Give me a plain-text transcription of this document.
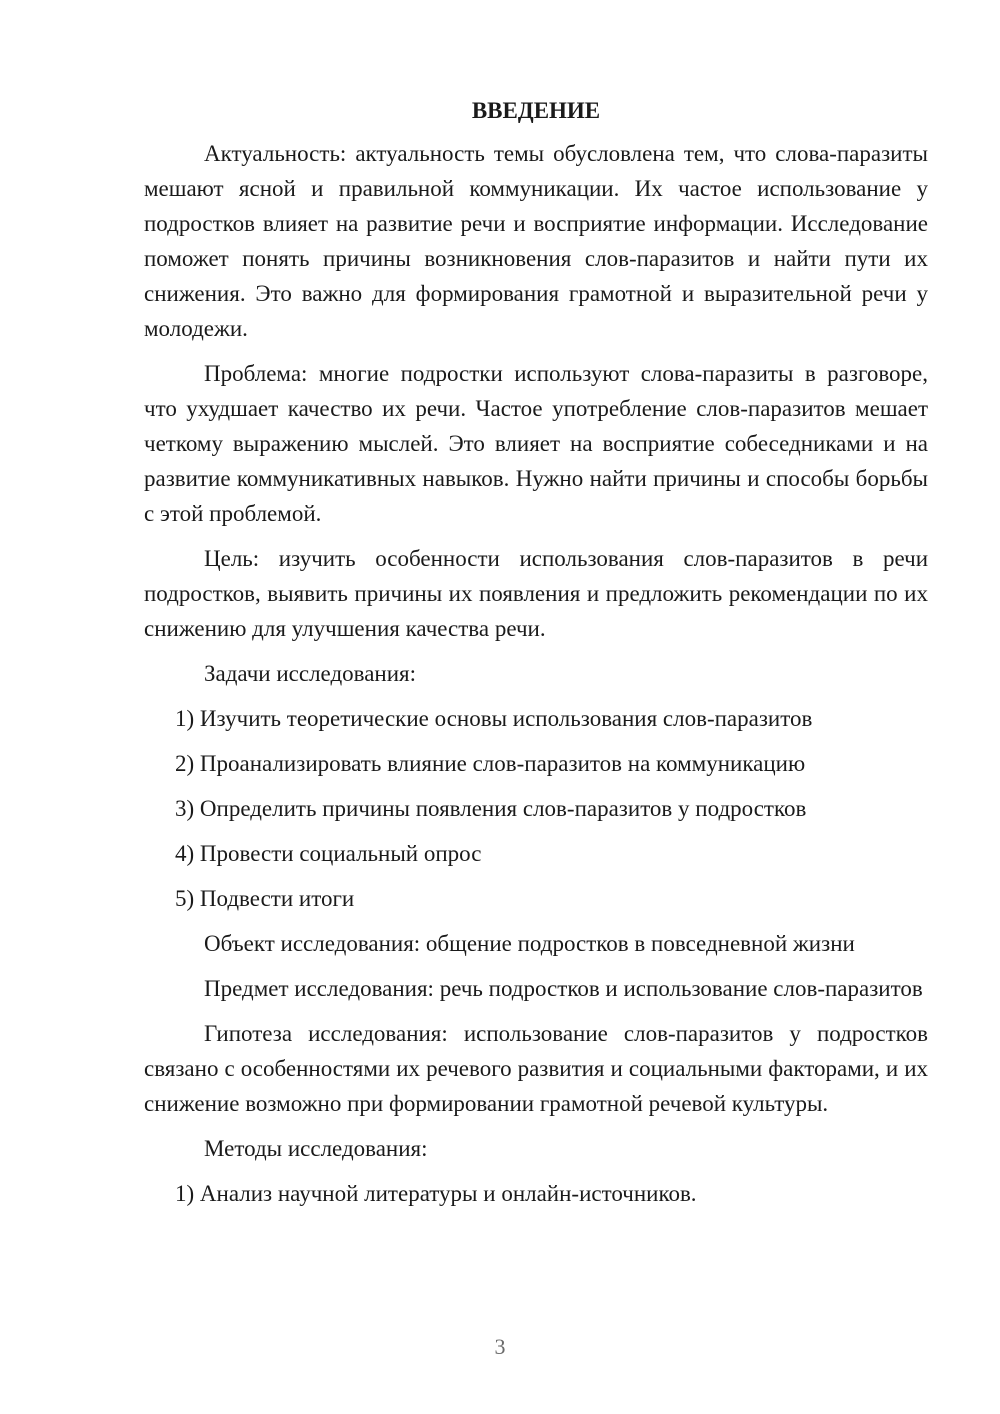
ВВЕДЕНИЕ

Актуальность: актуальность темы обусловлена тем, что слова-паразиты мешают ясной и правильной коммуникации. Их частое использование у подростков влияет на развитие речи и восприятие информации. Исследование поможет понять причины возникновения слов-паразитов и найти пути их снижения. Это важно для формирования грамотной и выразительной речи у молодежи.

Проблема: многие подростки используют слова-паразиты в разговоре, что ухудшает качество их речи. Частое употребление слов-паразитов мешает четкому выражению мыслей. Это влияет на восприятие собеседниками и на развитие коммуникативных навыков. Нужно найти причины и способы борьбы с этой проблемой.

Цель: изучить особенности использования слов-паразитов в речи подростков, выявить причины их появления и предложить рекомендации по их снижению для улучшения качества речи.

Задачи исследования:

1) Изучить теоретические основы использования слов-паразитов

2) Проанализировать влияние слов-паразитов на коммуникацию

3) Определить причины появления слов-паразитов у подростков

4) Провести социальный опрос

5) Подвести итоги

Объект исследования: общение подростков в повседневной жизни

Предмет исследования: речь подростков и использование слов-паразитов

Гипотеза исследования: использование слов-паразитов у подростков связано с особенностями их речевого развития и социальными факторами, и их снижение возможно при формировании грамотной речевой культуры.

Методы исследования:

1) Анализ научной литературы и онлайн-источников.

3
